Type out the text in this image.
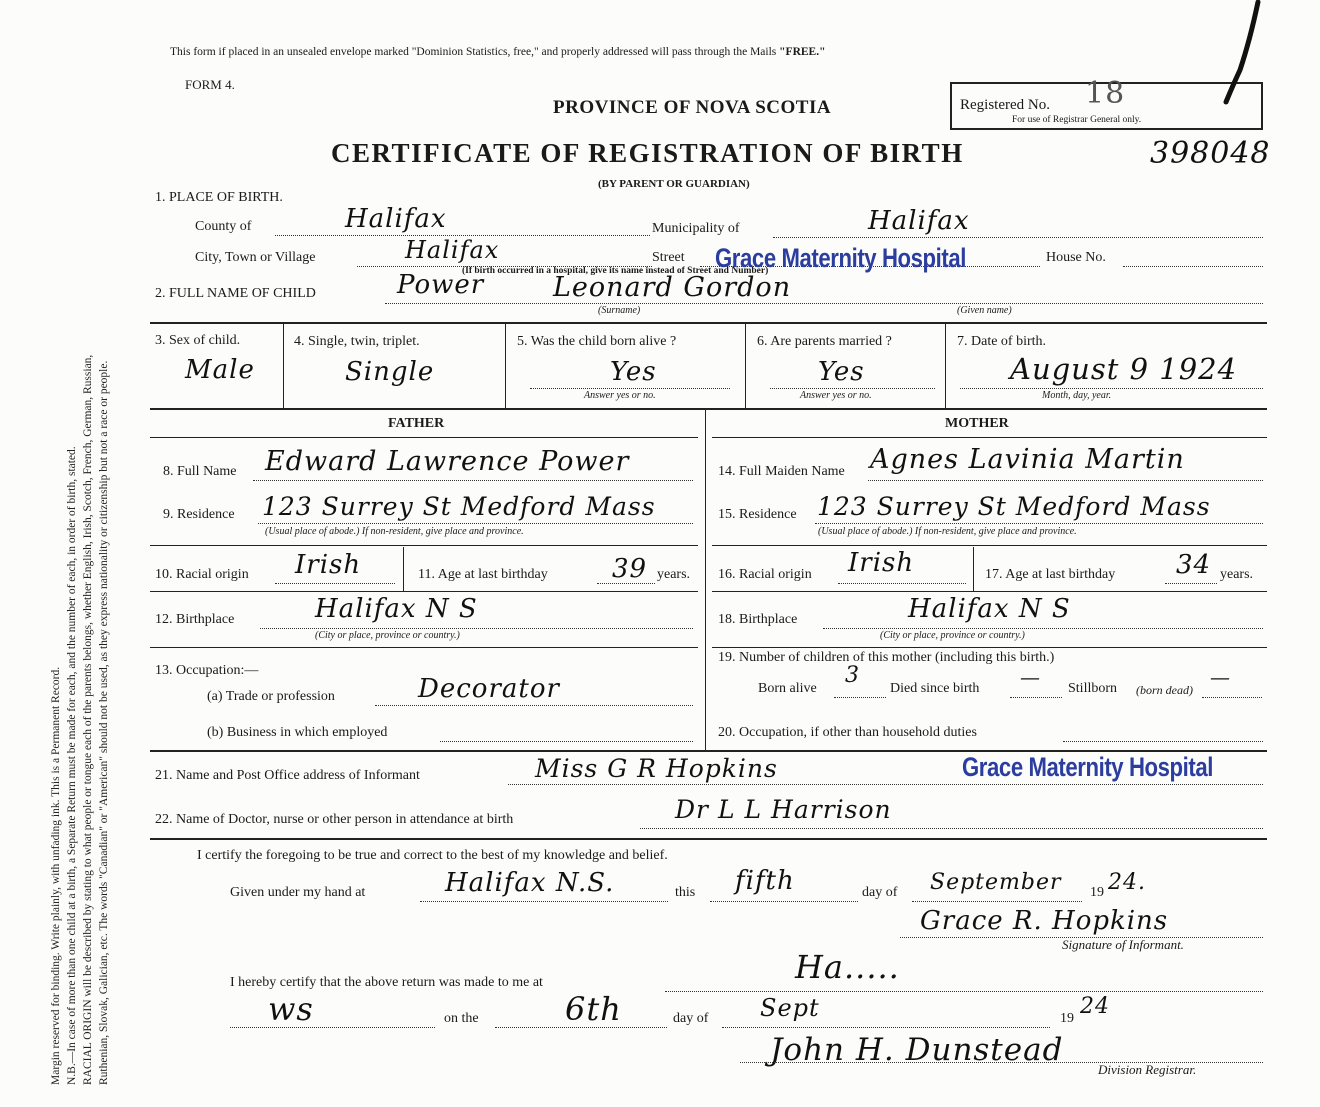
Margin reserved for binding. Write plainly, with unfading ink. This is a Permanent Record. N.B.—In case of more than one child at a birth, a Separate Return must be made for each, and the number of each, in order of birth, stated. RACIAL ORIGIN will be described by stating to what people or tongue each of the parents belongs, whether English, Irish, Scotch, French, German, Russian, Ruthenian, Slovak, Galician, etc. The words "Canadian" or "American" should not be used, as they express nationality or citizenship but not a race or people.
This form if placed in an unsealed envelope marked "Dominion Statistics, free," and properly addressed will pass through the Mails "FREE."
FORM 4.
PROVINCE OF NOVA SCOTIA
CERTIFICATE OF REGISTRATION OF BIRTH
(BY PARENT OR GUARDIAN)
Registered No. 18
For use of Registrar General only.
398048
1. PLACE OF BIRTH.
County of	Halifax	Municipality of	Halifax
City, Town or Village	Halifax	Street Grace Maternity Hospital
(If birth occurred in a hospital, give its name instead of Street and Number)
House No.
2. FULL NAME OF CHILD	Power	Leonard Gordon
(Surname)	(Given name)
3. Sex of child.
Male
4. Single, twin, triplet.
Single
5. Was the child born alive ?
Yes
Answer yes or no.
6. Are parents married ?
Yes
Answer yes or no.
7. Date of birth.
August 9 1924
Month, day, year.
FATHER	MOTHER
8. Full Name Edward Lawrence Power
9. Residence 123 Surrey St Medford Mass
(Usual place of abode.) If non-resident, give place and province.
10. Racial origin Irish	11. Age at last birthday 39 years.
12. Birthplace	Halifax N S
(City or place, province or country.)
13. Occupation:—
(a) Trade or profession	Decorator
(b) Business in which employed
14. Full Maiden Name Agnes Lavinia Martin
15. Residence 123 Surrey St Medford Mass
(Usual place of abode.) If non-resident, give place and province.
16. Racial origin Irish	17. Age at last birthday 34 years.
18. Birthplace	Halifax N S
(City or place, province or country.)
19. Number of children of this mother (including this birth.)
Born alive
3
Died since birth — Stillborn (born dead)
—
20. Occupation, if other than household duties
21. Name and Post Office address of Informant	Miss G R Hopkins	Grace Maternity Hospital
22. Name of Doctor, nurse or other person in attendance at birth	Dr L L Harrison
I certify the foregoing to be true and correct to the best of my knowledge and belief.
Given under my hand at	Halifax N.S.	this fifth	day of September 19 24.
Grace R. Hopkins
Signature of Informant.
I hereby certify that the above return was made to me at	Ha.....
ws	on the	6th	day of Sept	19 24
John H. Dunstead
Division Registrar.
